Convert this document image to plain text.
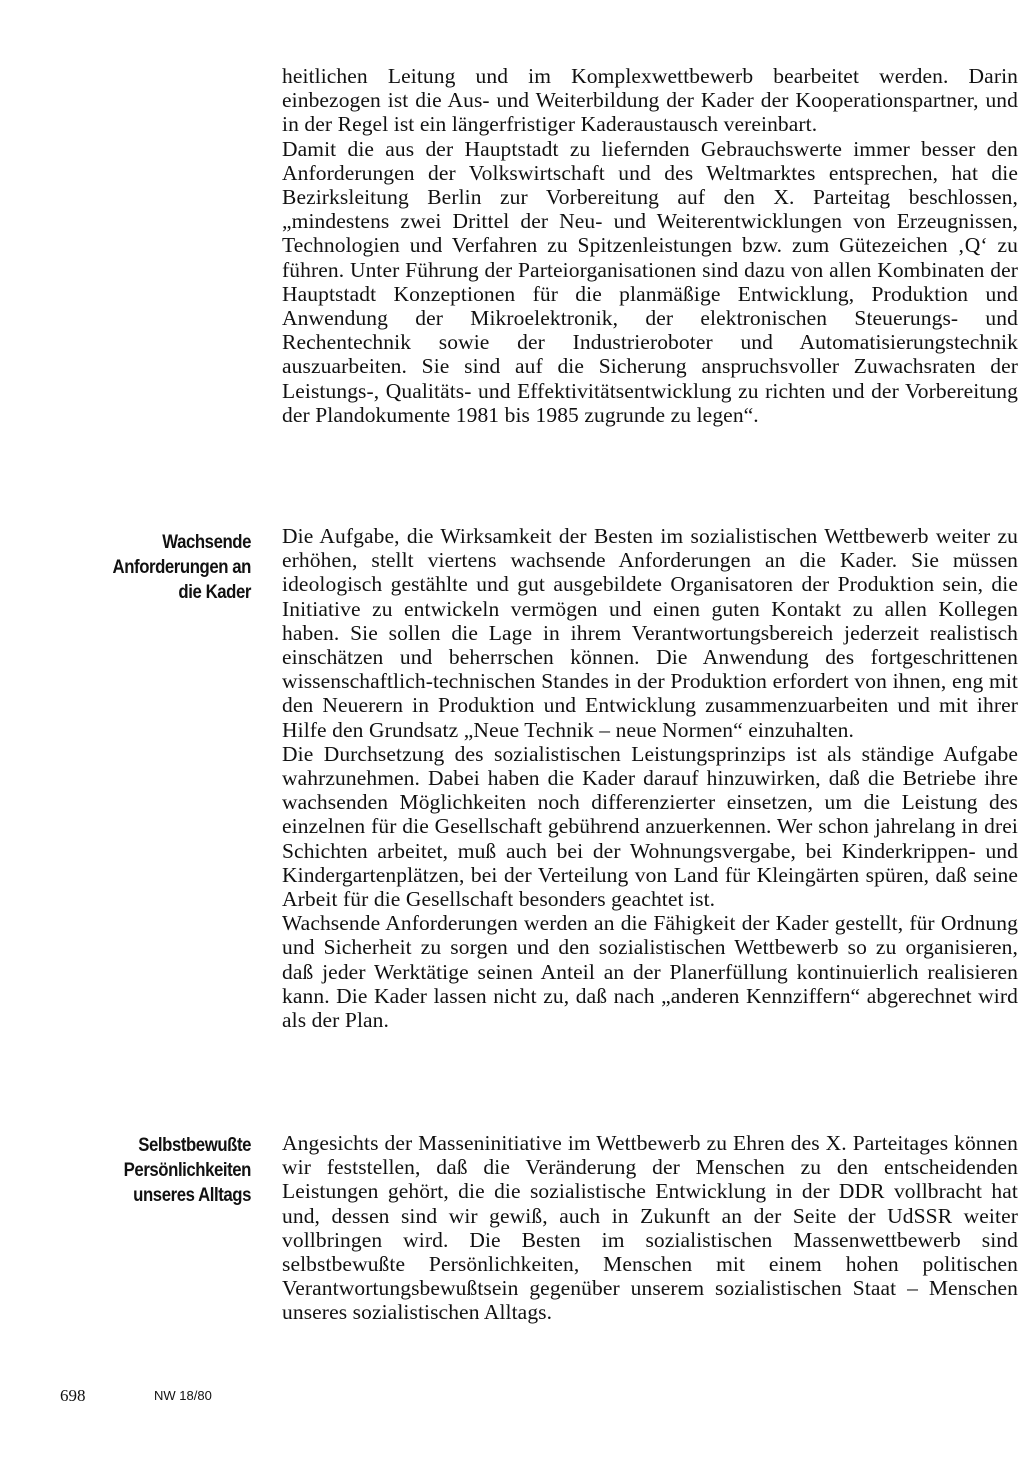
heitlichen Leitung und im Komplexwettbewerb bearbeitet werden. Darin einbezogen ist die Aus- und Weiterbildung der Kader der Kooperationspartner, und in der Regel ist ein längerfristiger Kaderaustausch vereinbart.

Damit die aus der Hauptstadt zu liefernden Gebrauchswerte immer besser den Anforderungen der Volkswirtschaft und des Weltmarktes entsprechen, hat die Bezirksleitung Berlin zur Vorbereitung auf den X. Parteitag beschlossen, „mindestens zwei Drittel der Neu- und Weiterentwicklungen von Erzeugnissen, Technologien und Verfahren zu Spitzenleistungen bzw. zum Gütezeichen ‚Q‘ zu führen. Unter Führung der Parteiorganisationen sind dazu von allen Kombinaten der Hauptstadt Konzeptionen für die planmäßige Entwicklung, Produktion und Anwendung der Mikroelektronik, der elektronischen Steuerungs- und Rechentechnik sowie der Industrieroboter und Automatisierungstechnik auszuarbeiten. Sie sind auf die Sicherung anspruchsvoller Zuwachsraten der Leistungs-, Qualitäts- und Effektivitätsentwicklung zu richten und der Vorbereitung der Plandokumente 1981 bis 1985 zugrunde zu legen“.

Wachsende Anforderungen an die Kader

Die Aufgabe, die Wirksamkeit der Besten im sozialistischen Wettbewerb weiter zu erhöhen, stellt viertens wachsende Anforderungen an die Kader. Sie müssen ideologisch gestählte und gut ausgebildete Organisatoren der Produktion sein, die Initiative zu entwickeln vermögen und einen guten Kontakt zu allen Kollegen haben. Sie sollen die Lage in ihrem Verantwortungsbereich jederzeit realistisch einschätzen und beherrschen können. Die Anwendung des fortgeschrittenen wissenschaftlich-technischen Standes in der Produktion erfordert von ihnen, eng mit den Neuerern in Produktion und Entwicklung zusammenzuarbeiten und mit ihrer Hilfe den Grundsatz „Neue Technik – neue Normen“ einzuhalten.

Die Durchsetzung des sozialistischen Leistungsprinzips ist als ständige Aufgabe wahrzunehmen. Dabei haben die Kader darauf hinzuwirken, daß die Betriebe ihre wachsenden Möglichkeiten noch differenzierter einsetzen, um die Leistung des einzelnen für die Gesellschaft gebührend anzuerkennen. Wer schon jahrelang in drei Schichten arbeitet, muß auch bei der Wohnungsvergabe, bei Kinderkrippen- und Kindergartenplätzen, bei der Verteilung von Land für Kleingärten spüren, daß seine Arbeit für die Gesellschaft besonders geachtet ist.

Wachsende Anforderungen werden an die Fähigkeit der Kader gestellt, für Ordnung und Sicherheit zu sorgen und den sozialistischen Wettbewerb so zu organisieren, daß jeder Werktätige seinen Anteil an der Planerfüllung kontinuierlich realisieren kann. Die Kader lassen nicht zu, daß nach „anderen Kennziffern“ abgerechnet wird als der Plan.

Selbstbewußte Persönlichkeiten unseres Alltags

Angesichts der Masseninitiative im Wettbewerb zu Ehren des X. Parteitages können wir feststellen, daß die Veränderung der Menschen zu den entscheidenden Leistungen gehört, die die sozialistische Entwicklung in der DDR vollbracht hat und, dessen sind wir gewiß, auch in Zukunft an der Seite der UdSSR weiter vollbringen wird. Die Besten im sozialistischen Massenwettbewerb sind selbstbewußte Persönlichkeiten, Menschen mit einem hohen politischen Verantwortungsbewußtsein gegenüber unserem sozialistischen Staat – Menschen unseres sozialistischen Alltags.

698	NW 18/80
